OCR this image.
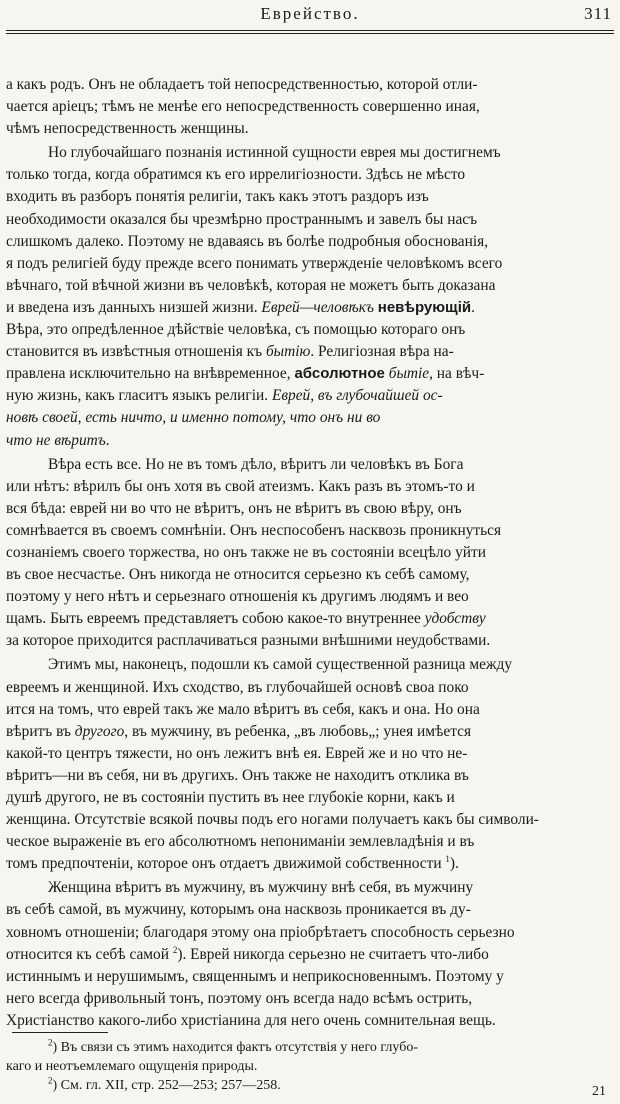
Еврейство.	311

а какъ родъ. Онъ не обладаетъ той непосредственностью, которой отли-
чается арiецъ; тѣмъ не менѣе его непосредственность совершенно иная,
чѣмъ непосредственность женщины.

Но глубочайшаго познанiя истинной сущности еврея мы достигнемъ
только тогда, когда обратимся къ его иррелигiозности. Здѣсь не мѣсто
входить въ разборъ понятiя религiи, такъ какъ этотъ раздоръ изъ
необходимости оказался бы чрезмѣрно пространнымъ и завелъ бы насъ
слишкомъ далеко. Поэтому не вдаваясь въ болѣе подробныя обоснованiя,
я подъ религiей буду прежде всего понимать утвержденiе человѣкомъ всего
вѣчнаго, той вѣчной жизни въ человѣкѣ, которая не можетъ быть доказана
и введена изъ данныхъ низшей жизни. Еврей—человѣкъ невѣрующiй.
Вѣра, это опредѣленное дѣйствiе человѣка, съ помощью котораго онъ
становится въ извѣстныя отношенiя къ бытiю. Религiозная вѣра на-
правлена исключительно на внѣвременное, абсолютное бытiе, на вѣч-
ную жизнь, какъ гласитъ языкъ религiи. Еврей, въ глубочайшей ос-
новѣ своей, есть ничто, и именно потому, что онъ ни во
что не вѣритъ.

Вѣра есть все. Но не въ томъ дѣло, вѣритъ ли человѣкъ въ Бога
или нѣтъ: вѣрилъ бы онъ хотя въ свой атеизмъ. Какъ разъ въ этомъ-то и
вся бѣда: еврей ни во что не вѣритъ, онъ не вѣритъ въ свою вѣру, онъ
сомнѣвается въ своемъ сомнѣнiи. Онъ неспособенъ насквозь проникнуться
сознанiемъ своего торжества, но онъ также не въ состоянiи всецѣло уйти
въ свое несчастье. Онъ никогда не относится серьезно къ себѣ самому,
поэтому у него нѣтъ и серьезнаго отношенiя къ другимъ людямъ и вео
щамъ. Быть евреемъ представляетъ собою какое-то внутреннее удобству
за которое приходится расплачиваться разными внѣшними неудобствами.

Этимъ мы, наконецъ, подошли къ самой существенной разница между
евреемъ и женщиной. Ихъ сходство, въ глубочайшей основѣ своа поко
ится на томъ, что еврей такъ же мало вѣритъ въ себя, какъ и она. Но она
вѣритъ въ другого, въ мужчину, въ ребенка, „въ любовь„; унея имѣется
какой-то центръ тяжести, но онъ лежитъ внѣ ея. Еврей же и но что не-
вѣритъ—ни въ себя, ни въ другихъ. Онъ также не находитъ отклика въ
душѣ другого, не въ состоянiи пустить въ нее глубокiе корни, какъ и
женщина. Отсутствiе всякой почвы подъ его ногами получаетъ какъ бы символи-
ческое выраженiе въ его абсолютномъ непониманiи землевладѣнiя и въ
томъ предпочтенiи, которое онъ отдаетъ движимой собственности $^1$).

Женщина вѣритъ въ мужчину, въ мужчину внѣ себя, въ мужчину
въ себѣ самой, въ мужчину, которымъ она насквозь проникается въ ду-
ховномъ отношенiи; благодаря этому она прiобрѣтаетъ способность серьезно
относится къ себѣ самой $^2$). Еврей никогда серьезно не считаетъ что-либо
истиннымъ и нерушимымъ, священнымъ и неприкосновеннымъ. Поэтому у
него всегда фривольный тонъ, поэтому онъ всегда надо всѣмъ острить,
Христiанство какого-либо христiанина для него очень сомнительная вещь.

$^2$) Въ связи съ этимъ находится фактъ отсутствiя у него глубо-
каго и неотъемлемаго ощущенiя природы.

$^2$) См. гл. XII, стр. 252—253; 257—258.	21
